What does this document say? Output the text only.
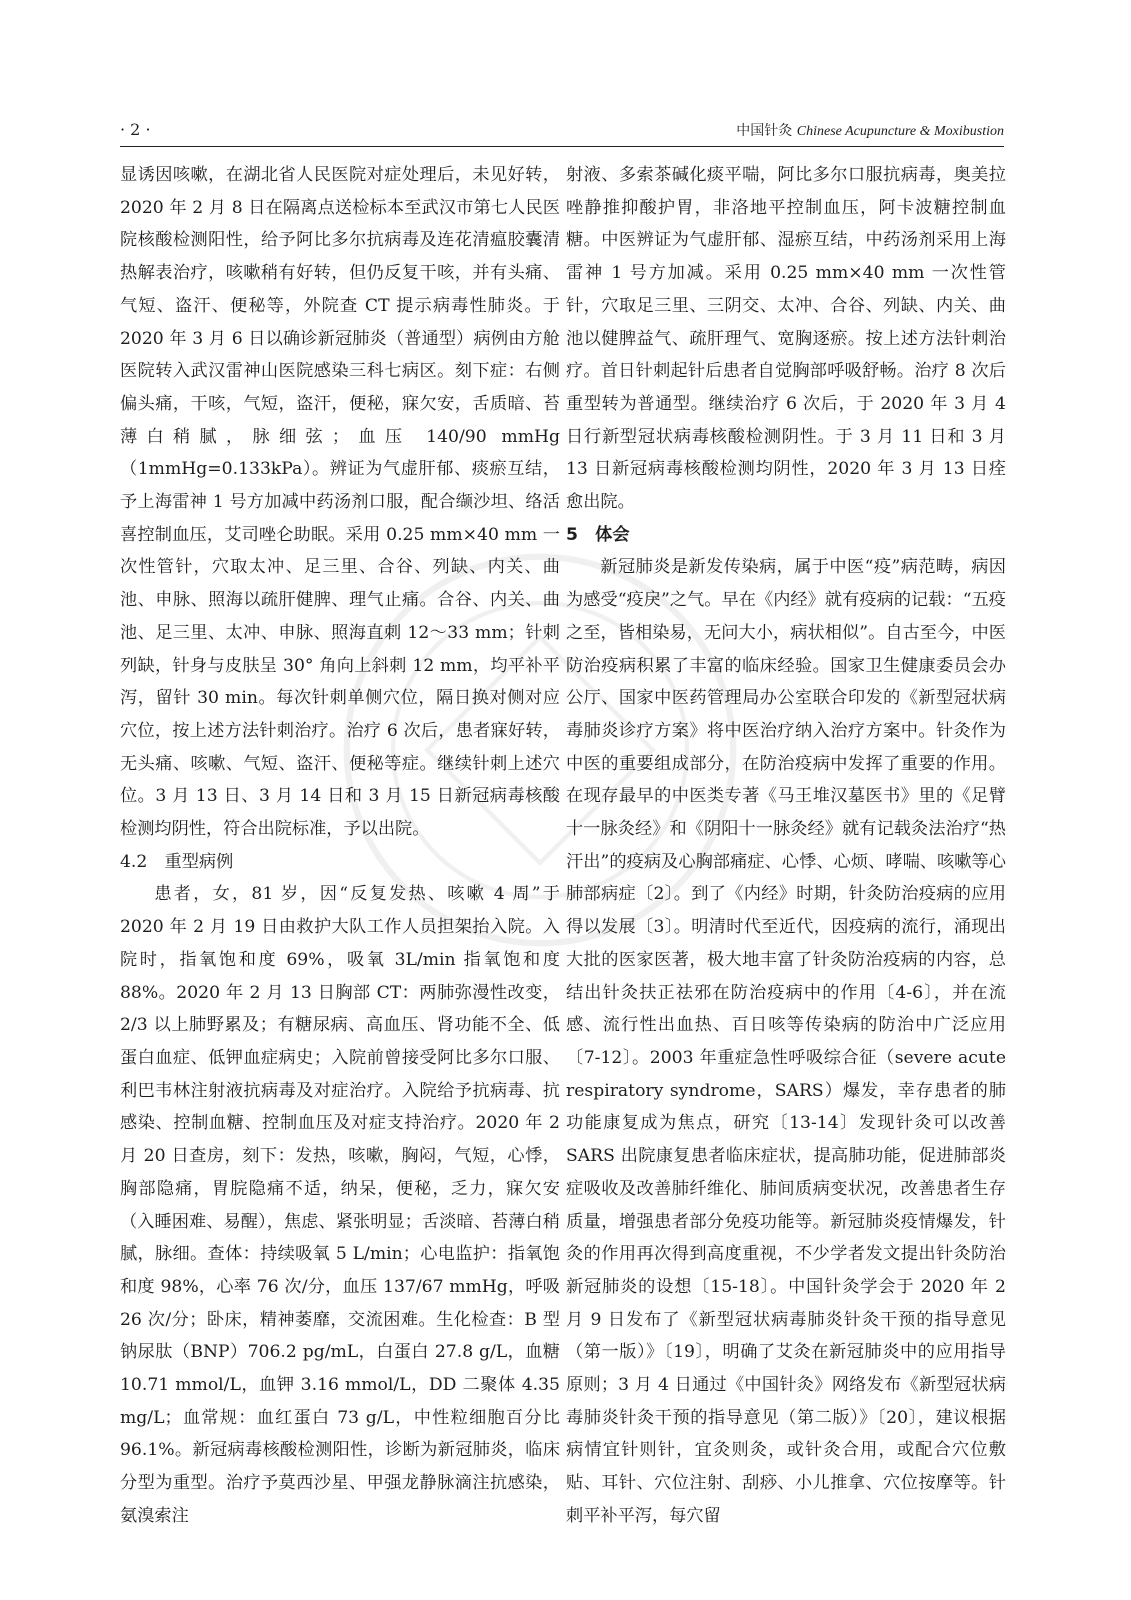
· 2 ·	中国针灸 Chinese Acupuncture & Moxibustion

显诱因咳嗽，在湖北省人民医院对症处理后，未见好转，2020 年 2 月 8 日在隔离点送检标本至武汉市第七人民医院核酸检测阳性，给予阿比多尔抗病毒及连花清瘟胶囊清热解表治疗，咳嗽稍有好转，但仍反复干咳，并有头痛、气短、盗汗、便秘等，外院查 CT 提示病毒性肺炎。于 2020 年 3 月 6 日以确诊新冠肺炎（普通型）病例由方舱医院转入武汉雷神山医院感染三科七病区。刻下症：右侧偏头痛，干咳，气短，盗汗，便秘，寐欠安，舌质暗、苔薄白稍腻，脉细弦；血压 140/90 mmHg（1mmHg=0.133kPa）。辨证为气虚肝郁、痰瘀互结，予上海雷神 1 号方加减中药汤剂口服，配合缬沙坦、络活喜控制血压，艾司唑仑助眠。采用 0.25 mm×40 mm 一次性管针，穴取太冲、足三里、合谷、列缺、内关、曲池、申脉、照海以疏肝健脾、理气止痛。合谷、内关、曲池、足三里、太冲、申脉、照海直刺 12～33 mm；针刺列缺，针身与皮肤呈 30° 角向上斜刺 12 mm，均平补平泻，留针 30 min。每次针刺单侧穴位，隔日换对侧对应穴位，按上述方法针刺治疗。治疗 6 次后，患者寐好转，无头痛、咳嗽、气短、盗汗、便秘等症。继续针刺上述穴位。3 月 13 日、3 月 14 日和 3 月 15 日新冠病毒核酸检测均阴性，符合出院标准，予以出院。

4.2　重型病例

患者，女，81 岁，因“反复发热、咳嗽 4 周”于 2020 年 2 月 19 日由救护大队工作人员担架抬入院。入院时，指氧饱和度 69%，吸氧 3L/min 指氧饱和度 88%。2020 年 2 月 13 日胸部 CT：两肺弥漫性改变，2/3 以上肺野累及；有糖尿病、高血压、肾功能不全、低蛋白血症、低钾血症病史；入院前曾接受阿比多尔口服、利巴韦林注射液抗病毒及对症治疗。入院给予抗病毒、抗感染、控制血糖、控制血压及对症支持治疗。2020 年 2 月 20 日查房，刻下：发热，咳嗽，胸闷，气短，心悸，胸部隐痛，胃脘隐痛不适，纳呆，便秘，乏力，寐欠安（入睡困难、易醒），焦虑、紧张明显；舌淡暗、苔薄白稍腻，脉细。查体：持续吸氧 5 L/min；心电监护：指氧饱和度 98%，心率 76 次/分，血压 137/67 mmHg，呼吸 26 次/分；卧床，精神萎靡，交流困难。生化检查：B 型钠尿肽（BNP）706.2 pg/mL，白蛋白 27.8 g/L，血糖 10.71 mmol/L，血钾 3.16 mmol/L，DD 二聚体 4.35 mg/L；血常规：血红蛋白 73 g/L，中性粒细胞百分比 96.1%。新冠病毒核酸检测阳性，诊断为新冠肺炎，临床分型为重型。治疗予莫西沙星、甲强龙静脉滴注抗感染，氨溴索注

射液、多索茶碱化痰平喘，阿比多尔口服抗病毒，奥美拉唑静推抑酸护胃，非洛地平控制血压，阿卡波糖控制血糖。中医辨证为气虚肝郁、湿瘀互结，中药汤剂采用上海雷神 1 号方加减。采用 0.25 mm×40 mm 一次性管针，穴取足三里、三阴交、太冲、合谷、列缺、内关、曲池以健脾益气、疏肝理气、宽胸逐瘀。按上述方法针刺治疗。首日针刺起针后患者自觉胸部呼吸舒畅。治疗 8 次后重型转为普通型。继续治疗 6 次后，于 2020 年 3 月 4 日行新型冠状病毒核酸检测阴性。于 3 月 11 日和 3 月 13 日新冠病毒核酸检测均阴性，2020 年 3 月 13 日痊愈出院。

5　体会

新冠肺炎是新发传染病，属于中医“疫”病范畴，病因为感受“疫戾”之气。早在《内经》就有疫病的记载：“五疫之至，皆相染易，无问大小，病状相似”。自古至今，中医防治疫病积累了丰富的临床经验。国家卫生健康委员会办公厅、国家中医药管理局办公室联合印发的《新型冠状病毒肺炎诊疗方案》将中医治疗纳入治疗方案中。针灸作为中医的重要组成部分，在防治疫病中发挥了重要的作用。在现存最早的中医类专著《马王堆汉墓医书》里的《足臂十一脉灸经》和《阴阳十一脉灸经》就有记载灸法治疗“热汗出”的疫病及心胸部痛症、心悸、心烦、哮喘、咳嗽等心肺部病症〔2〕。到了《内经》时期，针灸防治疫病的应用得以发展〔3〕。明清时代至近代，因疫病的流行，涌现出大批的医家医著，极大地丰富了针灸防治疫病的内容，总结出针灸扶正祛邪在防治疫病中的作用〔4-6〕，并在流感、流行性出血热、百日咳等传染病的防治中广泛应用〔7-12〕。2003 年重症急性呼吸综合征（severe acute respiratory syndrome，SARS）爆发，幸存患者的肺功能康复成为焦点，研究〔13-14〕发现针灸可以改善 SARS 出院康复患者临床症状，提高肺功能，促进肺部炎症吸收及改善肺纤维化、肺间质病变状况，改善患者生存质量，增强患者部分免疫功能等。新冠肺炎疫情爆发，针灸的作用再次得到高度重视，不少学者发文提出针灸防治新冠肺炎的设想〔15-18〕。中国针灸学会于 2020 年 2 月 9 日发布了《新型冠状病毒肺炎针灸干预的指导意见（第一版）》〔19〕，明确了艾灸在新冠肺炎中的应用指导原则；3 月 4 日通过《中国针灸》网络发布《新型冠状病毒肺炎针灸干预的指导意见（第二版）》〔20〕，建议根据病情宜针则针，宜灸则灸，或针灸合用，或配合穴位敷贴、耳针、穴位注射、刮痧、小儿推拿、穴位按摩等。针刺平补平泻，每穴留
